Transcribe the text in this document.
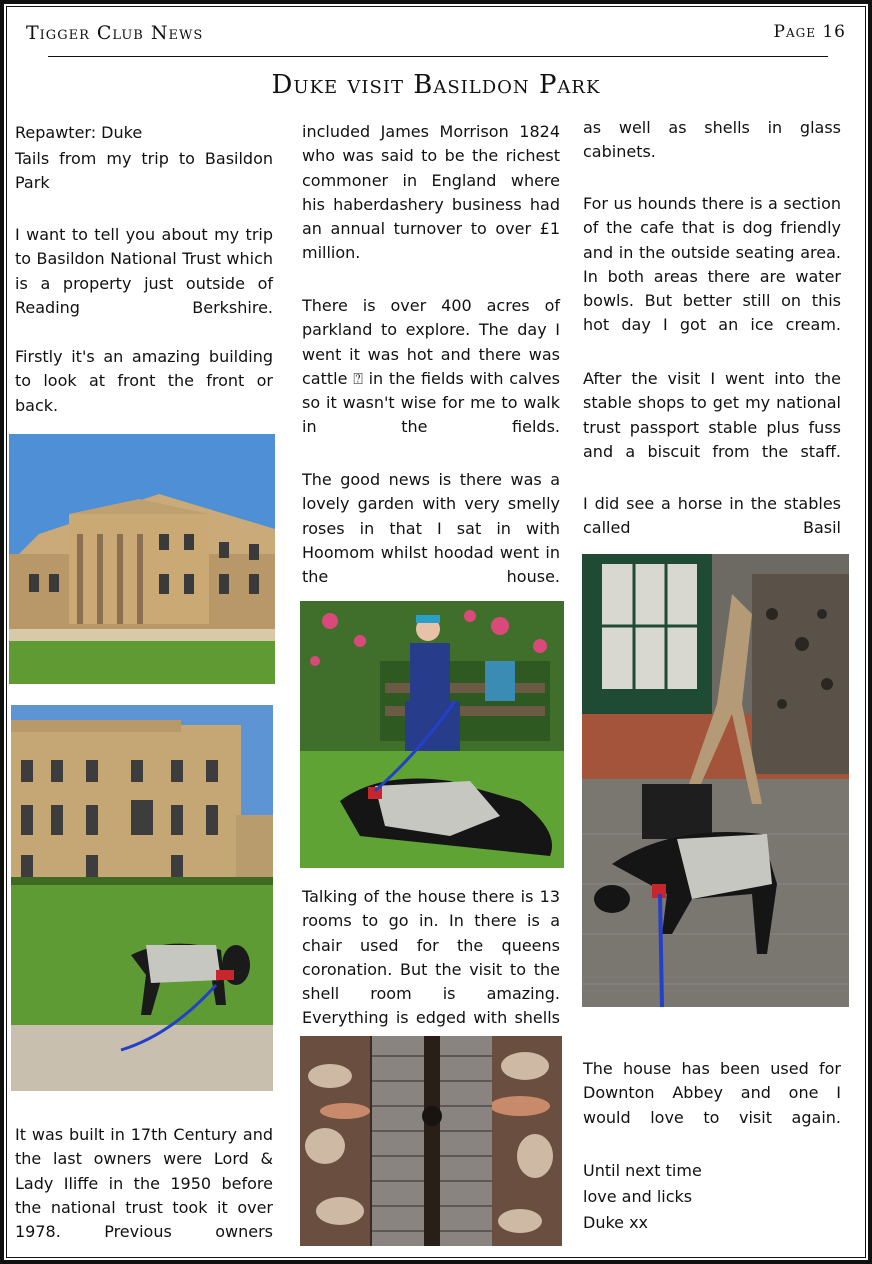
Tigger Club News	Page 16
Duke visit Basildon Park
Repawter: Duke
Tails from my trip to Basildon Park
I want to tell you about my trip to Basildon National Trust which is a property just outside of Reading Berkshire.
Firstly it's an amazing building to look at front the front or back.
It was built in 17th Century and the last owners were Lord & Lady Iliffe in the 1950 before the national trust took it over 1978. Previous owners
included James Morrison 1824 who was said to be the richest commoner in England where his haberdashery business had an annual turnover to over £1 million.
There is over 400 acres of parkland to explore. The day I went it was hot and there was cattle ⍰ in the fields with calves so it wasn't wise for me to walk in the fields.
The good news is there was a lovely garden with very smelly roses in that I sat in with Hoomom whilst hoodad went in the house.
Talking of the house there is 13 rooms to go in. In there is a chair used for the queens coronation. But the visit to the shell room is amazing. Everything is edged with shells
as well as shells in glass cabinets.
For us hounds there is a section of the cafe that is dog friendly and in the outside seating area. In both areas there are water bowls. But better still on this hot day I got an ice cream.
After the visit I went into the stable shops to get my national trust passport stable plus fuss and a biscuit from the staff.
I did see a horse in the stables called Basil
The house has been used for Downton Abbey and one I would love to visit again.
Until next time
love and licks
Duke xx
